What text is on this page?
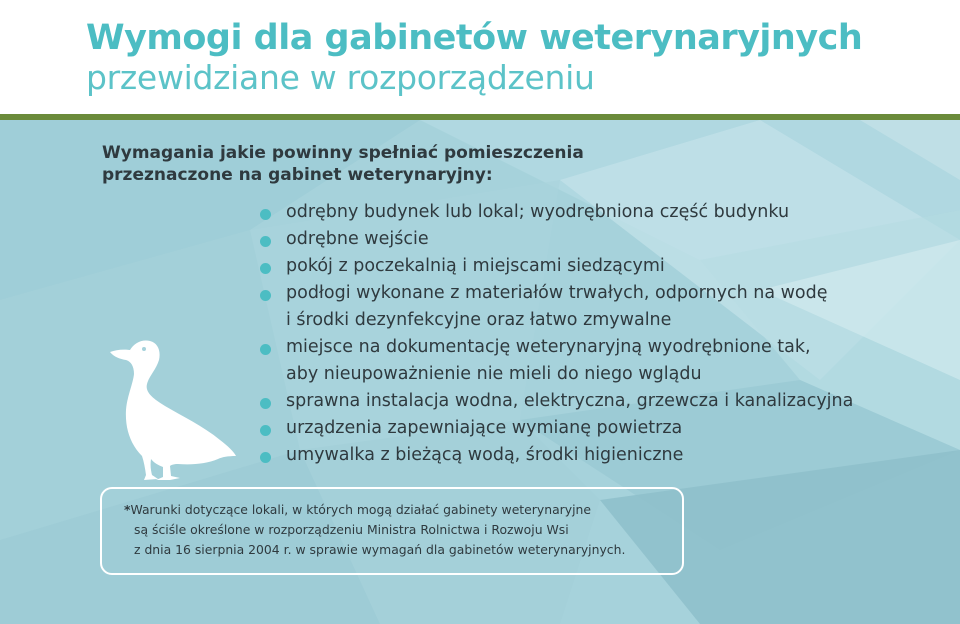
Wymogi dla gabinetów weterynaryjnych
przewidziane w rozporządzeniu
Wymagania jakie powinny spełniać pomieszczenia
przeznaczone na gabinet weterynaryjny:
odrębny budynek lub lokal; wyodrębniona część budynku
odrębne wejście
pokój z poczekalnią i miejscami siedzącymi
podłogi wykonane z materiałów trwałych, odpornych na wodę
i środki dezynfekcyjne oraz łatwo zmywalne
miejsce na dokumentację weterynaryjną wyodrębnione tak,
aby nieupoważnienie nie mieli do niego wglądu
sprawna instalacja wodna, elektryczna, grzewcza i kanalizacyjna
urządzenia zapewniające wymianę powietrza
umywalka z bieżącą wodą, środki higieniczne
*Warunki dotyczące lokali, w których mogą działać gabinety weterynaryjne
są ściśle określone w rozporządzeniu Ministra Rolnictwa i Rozwoju Wsi
z dnia 16 sierpnia 2004 r. w sprawie wymagań dla gabinetów weterynaryjnych.
